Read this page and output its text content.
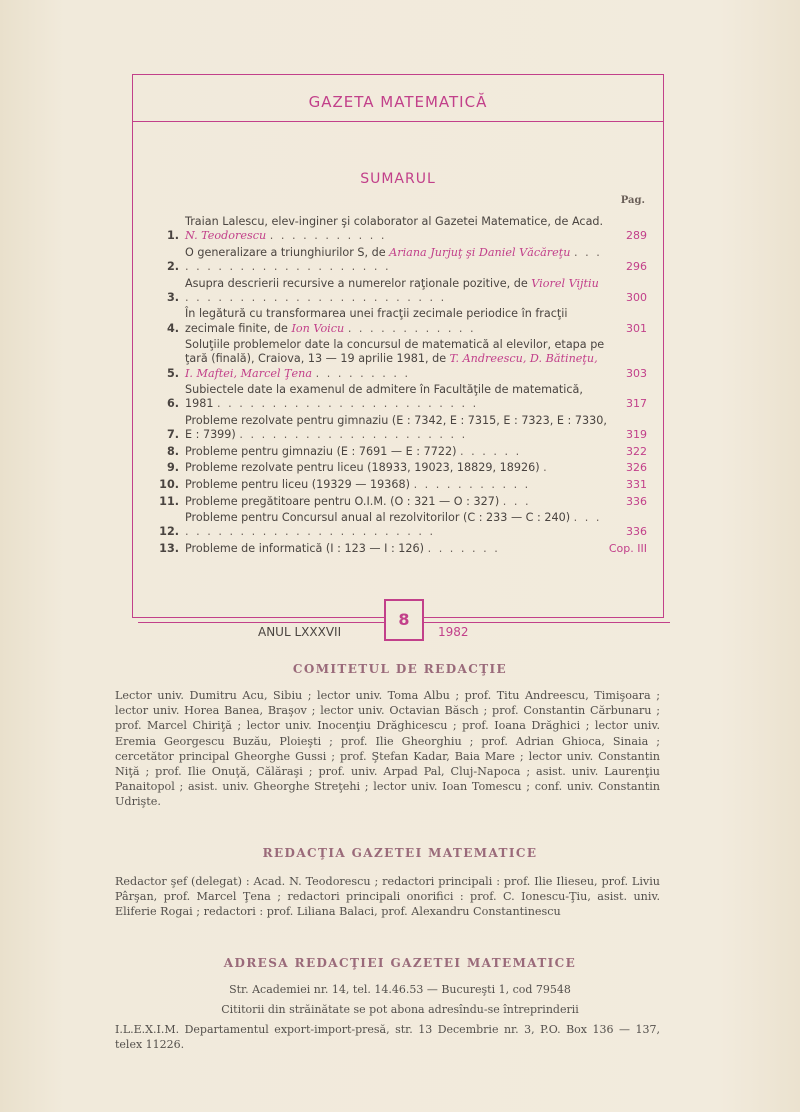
GAZETA MATEMATICĂ
SUMARUL
Pag.
1.
Traian Lalescu, elev-inginer şi colaborator al Gazetei Matematice, de Acad. N. Teodorescu . . . . . . . . . . .	289
2.
O generalizare a triunghiurilor S, de Ariana Jurjuţ şi Daniel Văcăreţu . . . . . . . . . . . . . . . . . . . . . .	296
3.
Asupra descrierii recursive a numerelor raţionale pozitive, de Viorel Vijtiu . . . . . . . . . . . . . . . . . . . . . . . .	300
4.
În legătură cu transformarea unei fracţii zecimale periodice în fracţii zecimale finite, de Ion Voicu . . . . . . . . . . . .	301
5.
Soluţiile problemelor date la concursul de matematică al elevilor, etapa pe ţară (finală), Craiova, 13 — 19 aprilie 1981, de T. Andreescu, D. Bătineţu, I. Maftei, Marcel Ţena . . . . . . . . .	303
6.
Subiectele date la examenul de admitere în Facultăţile de matematică, 1981 . . . . . . . . . . . . . . . . . . . . . . . .	317
7.
Probleme rezolvate pentru gimnaziu (E : 7342, E : 7315, E : 7323, E : 7330, E : 7399) . . . . . . . . . . . . . . . . . . . . .	319
8. Probleme pentru gimnaziu (E : 7691 — E : 7722) . . . . . .	322
9. Probleme rezolvate pentru liceu (18933, 19023, 18829, 18926) .	326
10. Probleme pentru liceu (19329 — 19368) . . . . . . . . . . .	331
11. Probleme pregătitoare pentru O.I.M. (O : 321 — O : 327) . . .	336
12.
Probleme pentru Concursul anual al rezolvitorilor (C : 233 — C : 240) . . . . . . . . . . . . . . . . . . . . . . . . . .	336
13. Probleme de informatică (I : 123 — I : 126) . . . . . . .	Cop. III
ANUL LXXXVII
8
1982
COMITETUL DE REDACŢIE
Lector univ. Dumitru Acu, Sibiu ; lector univ. Toma Albu ; prof. Titu Andreescu, Timişoara ; lector univ. Horea Banea, Braşov ; lector univ. Octavian Băsch ; prof. Constantin Cărbunaru ; prof. Marcel Chiriţă ; lector univ. Inocenţiu Drăghicescu ; prof. Ioana Drăghici ; lector univ. Eremia Georgescu Buzău, Ploieşti ; prof. Ilie Gheorghiu ; prof. Adrian Ghioca, Sinaia ; cercetător principal Gheorghe Gussi ; prof. Ştefan Kadar, Baia Mare ; lector univ. Constantin Niţă ; prof. Ilie Onuţă, Călăraşi ; prof. univ. Arpad Pal, Cluj-Napoca ; asist. univ. Laurenţiu Panaitopol ; asist. univ. Gheorghe Streţehi ; lector univ. Ioan Tomescu ; conf. univ. Constantin Udrişte.
REDACŢIA GAZETEI MATEMATICE
Redactor şef (delegat) : Acad. N. Teodorescu ; redactori principali : prof. Ilie Ilieseu, prof. Liviu Pârşan, prof. Marcel Ţena ; redactori principali onorifici : prof. C. Ionescu-Ţiu, asist. univ. Eliferie Rogai ; redactori : prof. Liliana Balaci, prof. Alexandru Constantinescu
ADRESA REDACŢIEI GAZETEI MATEMATICE
Str. Academiei nr. 14, tel. 14.46.53 — Bucureşti 1, cod 79548
Cititorii din străinătate se pot abona adresîndu-se întreprinderii
I.L.E.X.I.M. Departamentul export-import-presă, str. 13 Decembrie nr. 3, P.O. Box 136 — 137, telex 11226.
